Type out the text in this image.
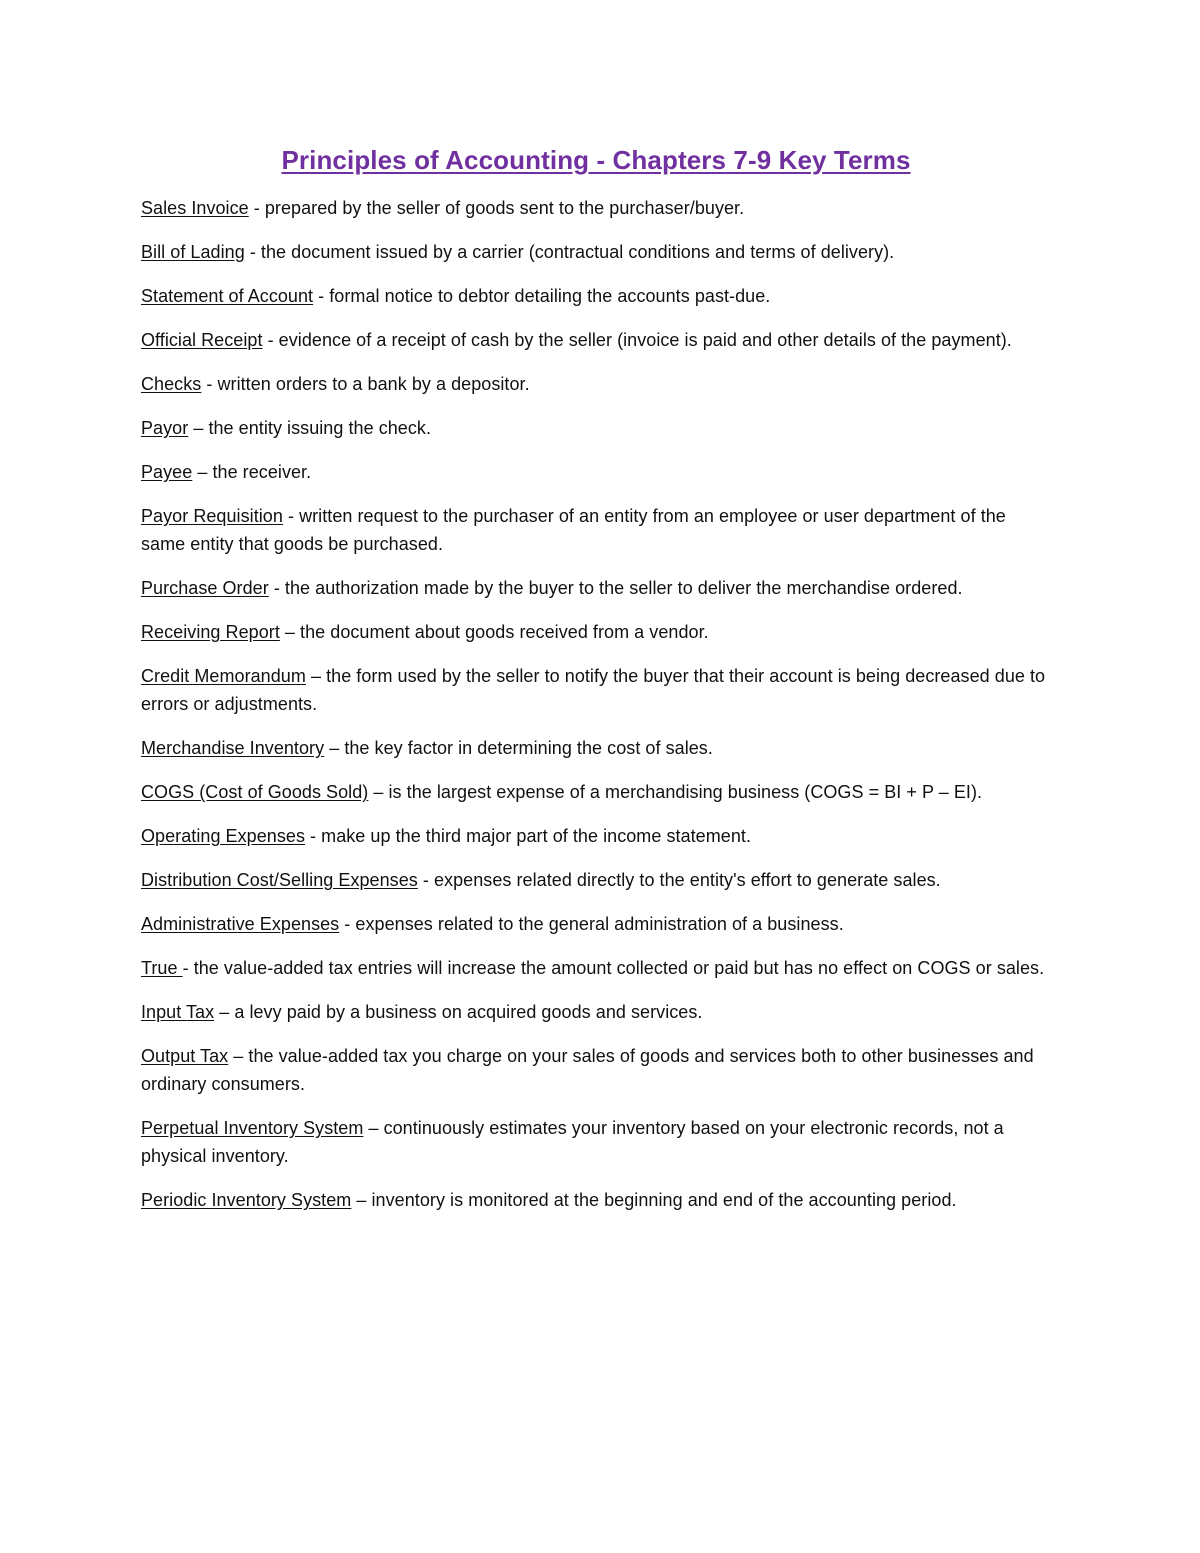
Principles of Accounting - Chapters 7-9 Key Terms
Sales Invoice - prepared by the seller of goods sent to the purchaser/buyer.
Bill of Lading - the document issued by a carrier (contractual conditions and terms of delivery).
Statement of Account - formal notice to debtor detailing the accounts past-due.
Official Receipt - evidence of a receipt of cash by the seller (invoice is paid and other details of the payment).
Checks - written orders to a bank by a depositor.
Payor – the entity issuing the check.
Payee – the receiver.
Payor Requisition - written request to the purchaser of an entity from an employee or user department of the same entity that goods be purchased.
Purchase Order - the authorization made by the buyer to the seller to deliver the merchandise ordered.
Receiving Report – the document about goods received from a vendor.
Credit Memorandum – the form used by the seller to notify the buyer that their account is being decreased due to errors or adjustments.
Merchandise Inventory – the key factor in determining the cost of sales.
COGS (Cost of Goods Sold) – is the largest expense of a merchandising business (COGS = BI + P – EI).
Operating Expenses - make up the third major part of the income statement.
Distribution Cost/Selling Expenses - expenses related directly to the entity's effort to generate sales.
Administrative Expenses - expenses related to the general administration of a business.
True - the value-added tax entries will increase the amount collected or paid but has no effect on COGS or sales.
Input Tax – a levy paid by a business on acquired goods and services.
Output Tax – the value-added tax you charge on your sales of goods and services both to other businesses and ordinary consumers.
Perpetual Inventory System – continuously estimates your inventory based on your electronic records, not a physical inventory.
Periodic Inventory System – inventory is monitored at the beginning and end of the accounting period.
